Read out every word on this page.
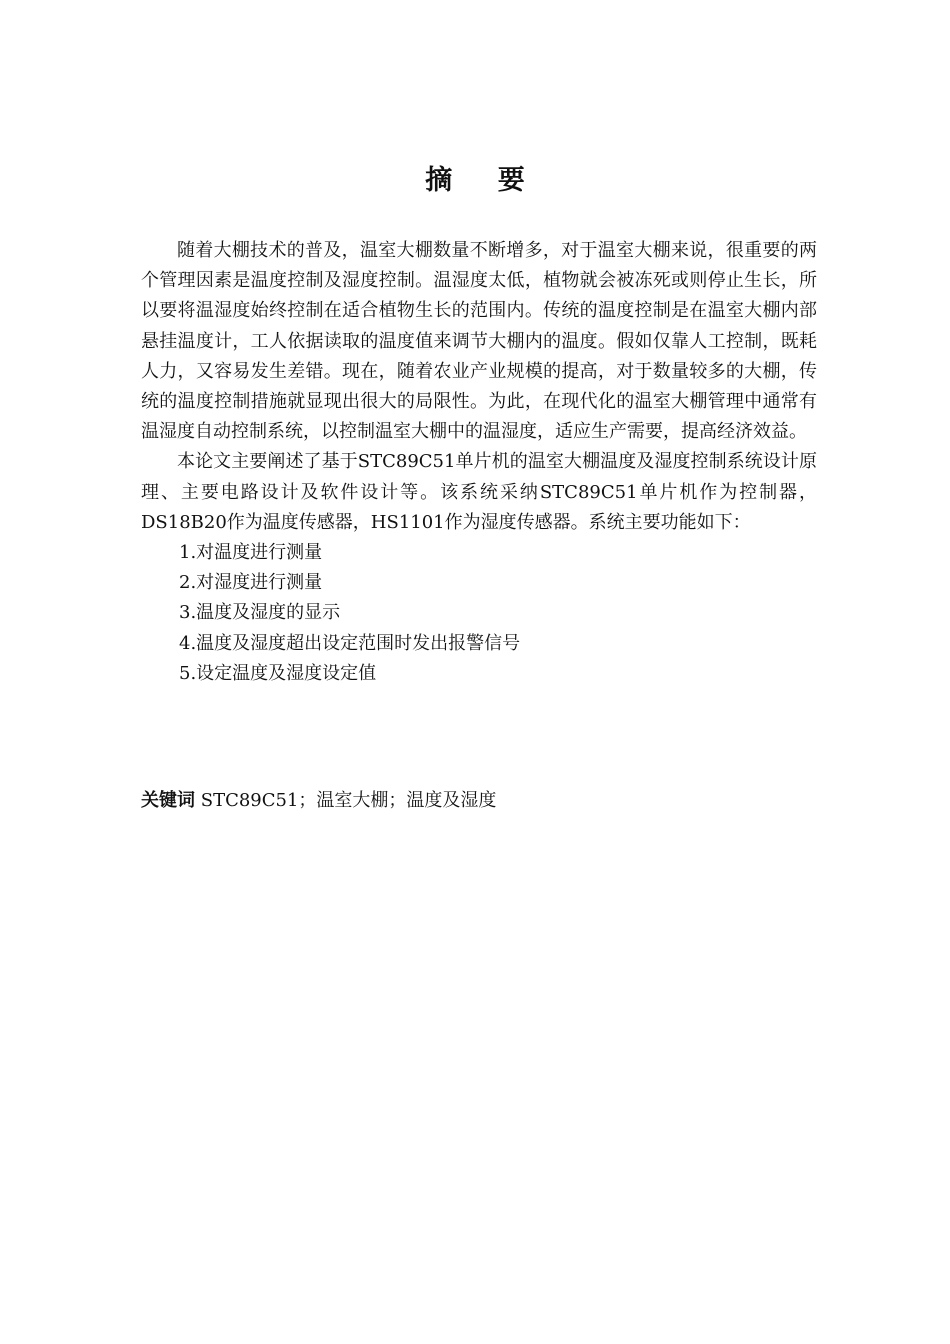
摘 要

随着大棚技术的普及，温室大棚数量不断增多，对于温室大棚来说，很重要的两个管理因素是温度控制及湿度控制。温湿度太低，植物就会被冻死或则停止生长，所以要将温湿度始终控制在适合植物生长的范围内。传统的温度控制是在温室大棚内部悬挂温度计，工人依据读取的温度值来调节大棚内的温度。假如仅靠人工控制，既耗人力，又容易发生差错。现在，随着农业产业规模的提高，对于数量较多的大棚，传统的温度控制措施就显现出很大的局限性。为此，在现代化的温室大棚管理中通常有温湿度自动控制系统，以控制温室大棚中的温湿度，适应生产需要，提高经济效益。

本论文主要阐述了基于STC89C51单片机的温室大棚温度及湿度控制系统设计原理、主要电路设计及软件设计等。该系统采纳STC89C51单片机作为控制器，DS18B20作为温度传感器，HS1101作为湿度传感器。系统主要功能如下：

1.对温度进行测量
2.对湿度进行测量
3.温度及湿度的显示
4.温度及湿度超出设定范围时发出报警信号
5.设定温度及湿度设定值
关键词 STC89C51；温室大棚；温度及湿度
